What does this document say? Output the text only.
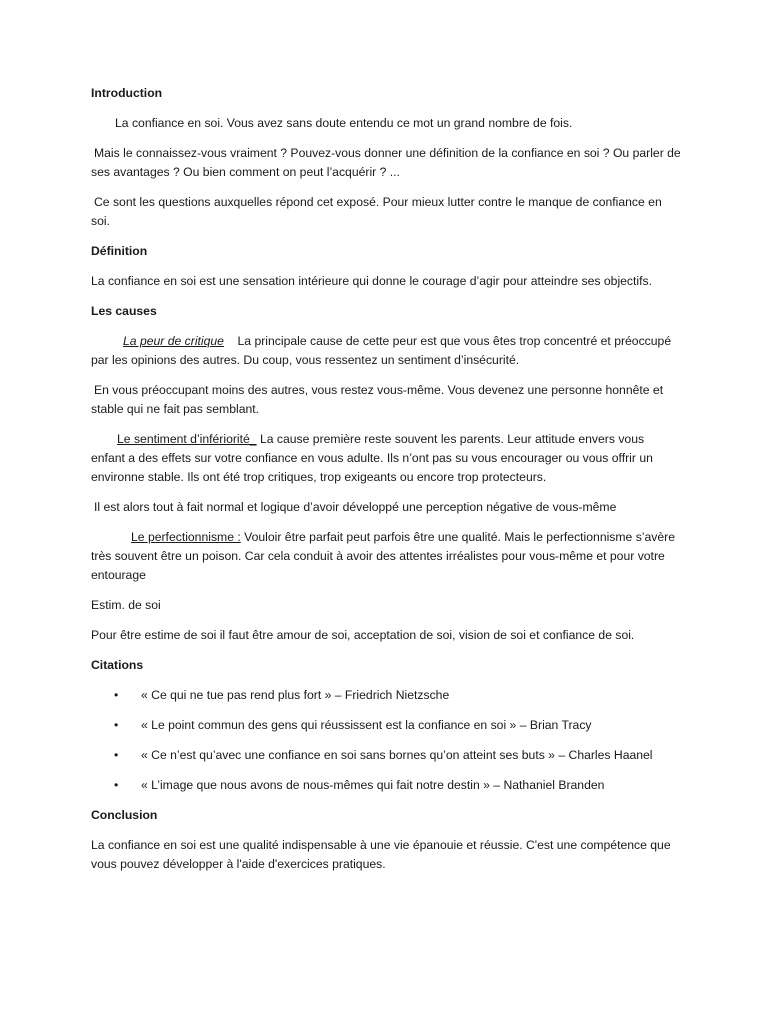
Introduction
La confiance en soi. Vous avez sans doute entendu ce mot un grand nombre de fois.
Mais le connaissez-vous vraiment ? Pouvez-vous donner une définition de la confiance en soi ? Ou parler de ses avantages ? Ou bien comment on peut l’acquérir ? ...
Ce sont les questions auxquelles répond cet exposé. Pour mieux lutter contre le manque de confiance en soi.
Définition
La confiance en soi est une sensation intérieure qui donne le courage d’agir pour atteindre ses objectifs.
Les causes
La peur de critique La principale cause de cette peur est que vous êtes trop concentré et préoccupé par les opinions des autres. Du coup, vous ressentez un sentiment d’insécurité.
En vous préoccupant moins des autres, vous restez vous-même. Vous devenez une personne honnête et stable qui ne fait pas semblant.
Le sentiment d’infériorité_ La cause première reste souvent les parents. Leur attitude envers vous enfant a des effets sur votre confiance en vous adulte. Ils n’ont pas su vous encourager ou vous offrir un environne stable. Ils ont été trop critiques, trop exigeants ou encore trop protecteurs.
Il est alors tout à fait normal et logique d’avoir développé une perception négative de vous-même
Le perfectionnisme : Vouloir être parfait peut parfois être une qualité. Mais le perfectionnisme s’avère très souvent être un poison. Car cela conduit à avoir des attentes irréalistes pour vous-même et pour votre entourage
Estim. de soi
Pour être estime de soi il faut être amour de soi, acceptation de soi, vision de soi et confiance de soi.
Citations
• « Ce qui ne tue pas rend plus fort » – Friedrich Nietzsche
• « Le point commun des gens qui réussissent est la confiance en soi » – Brian Tracy
• « Ce n’est qu’avec une confiance en soi sans bornes qu’on atteint ses buts » – Charles Haanel
• « L’image que nous avons de nous-mêmes qui fait notre destin » – Nathaniel Branden
Conclusion
La confiance en soi est une qualité indispensable à une vie épanouie et réussie. C'est une compétence que vous pouvez développer à l'aide d'exercices pratiques.
